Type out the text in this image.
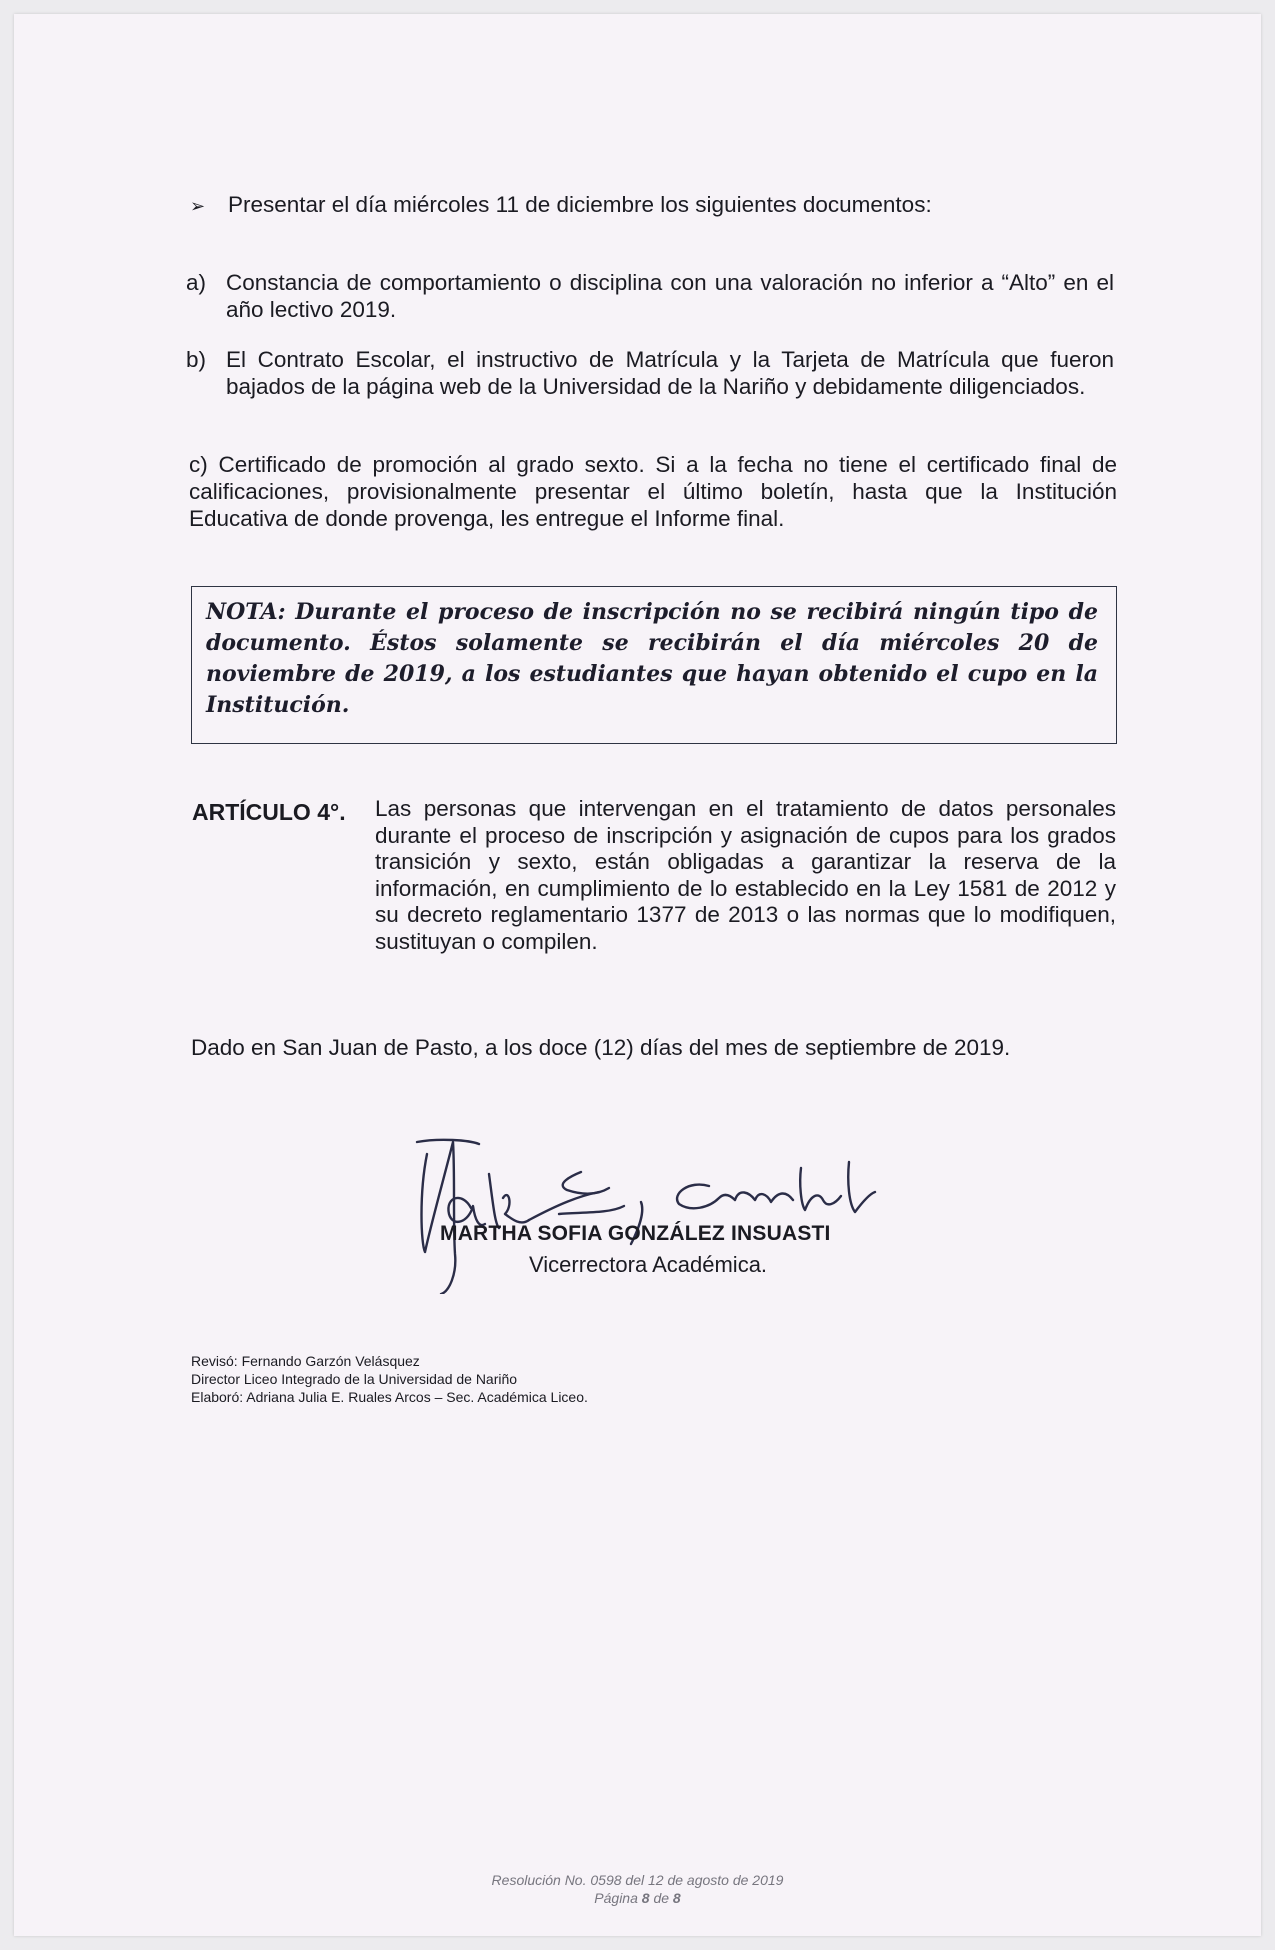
➢ Presentar el día miércoles 11 de diciembre los siguientes documentos:
a) Constancia de comportamiento o disciplina con una valoración no inferior a “Alto” en el año lectivo 2019.
b) El Contrato Escolar, el instructivo de Matrícula y la Tarjeta de Matrícula que fueron bajados de la página web de la Universidad de la Nariño y debidamente diligenciados.
c) Certificado de promoción al grado sexto. Si a la fecha no tiene el certificado final de calificaciones, provisionalmente presentar el último boletín, hasta que la Institución Educativa de donde provenga, les entregue el Informe final.
NOTA: Durante el proceso de inscripción no se recibirá ningún tipo de documento. Éstos solamente se recibirán el día miércoles 20 de noviembre de 2019, a los estudiantes que hayan obtenido el cupo en la Institución.
ARTÍCULO 4°. Las personas que intervengan en el tratamiento de datos personales durante el proceso de inscripción y asignación de cupos para los grados transición y sexto, están obligadas a garantizar la reserva de la información, en cumplimiento de lo establecido en la Ley 1581 de 2012 y su decreto reglamentario 1377 de 2013 o las normas que lo modifiquen, sustituyan o compilen.
Dado en San Juan de Pasto, a los doce (12) días del mes de septiembre de 2019.
MARTHA SOFIA GONZÁLEZ INSUASTI
Vicerrectora Académica.
Revisó: Fernando Garzón Velásquez
Director Liceo Integrado de la Universidad de Nariño
Elaboró: Adriana Julia E. Ruales Arcos – Sec. Académica Liceo.
Resolución No. 0598 del 12 de agosto de 2019
Página 8 de 8
